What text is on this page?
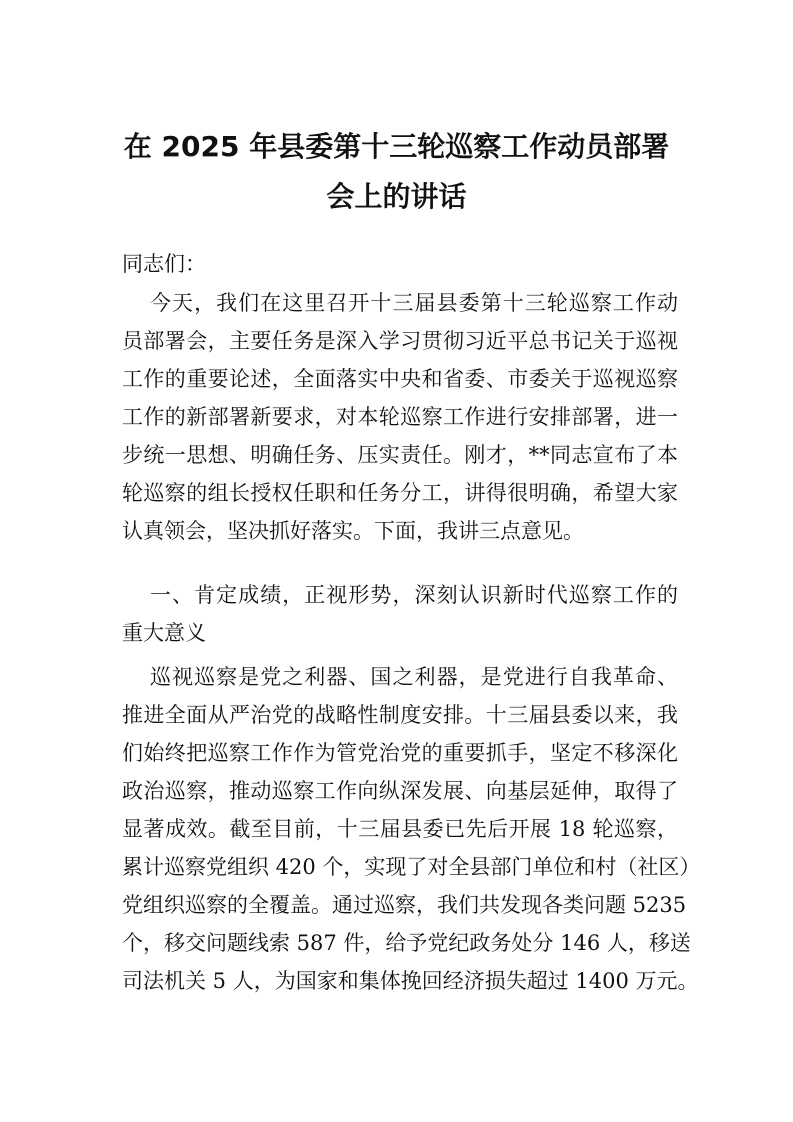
在 2025 年县委第十三轮巡察工作动员部署
会上的讲话
同志们：
今天，我们在这里召开十三届县委第十三轮巡察工作动
员部署会，主要任务是深入学习贯彻习近平总书记关于巡视
工作的重要论述，全面落实中央和省委、市委关于巡视巡察
工作的新部署新要求，对本轮巡察工作进行安排部署，进一
步统一思想、明确任务、压实责任。刚才，**同志宣布了本
轮巡察的组长授权任职和任务分工，讲得很明确，希望大家
认真领会，坚决抓好落实。下面，我讲三点意见。
一、肯定成绩，正视形势，深刻认识新时代巡察工作的
重大意义
巡视巡察是党之利器、国之利器，是党进行自我革命、
推进全面从严治党的战略性制度安排。十三届县委以来，我
们始终把巡察工作作为管党治党的重要抓手，坚定不移深化
政治巡察，推动巡察工作向纵深发展、向基层延伸，取得了
显著成效。截至目前，十三届县委已先后开展 18 轮巡察，
累计巡察党组织 420 个，实现了对全县部门单位和村（社区）
党组织巡察的全覆盖。通过巡察，我们共发现各类问题 5235
个，移交问题线索 587 件，给予党纪政务处分 146 人，移送
司法机关 5 人，为国家和集体挽回经济损失超过 1400 万元。
